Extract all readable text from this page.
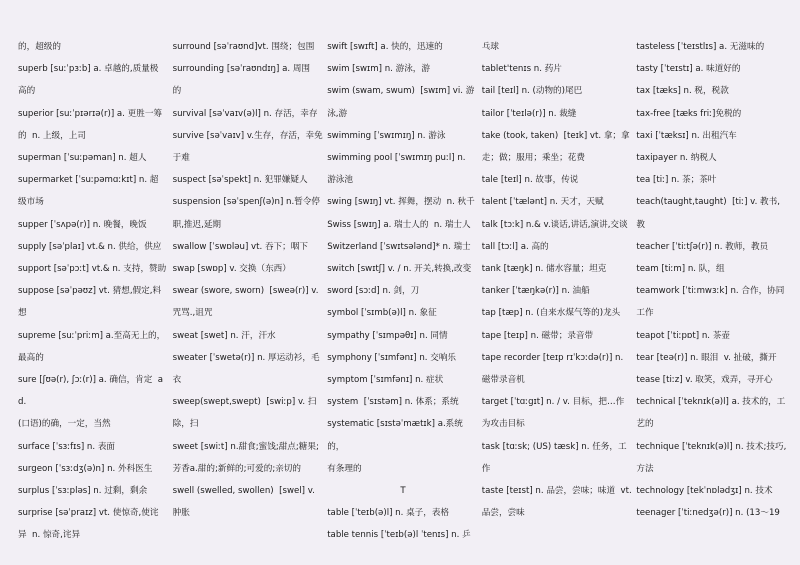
的，超级的

superb [suːˈpɜːb] a. 卓越的,质量极

高的

superior [suːˈpɪərɪə(r)] a. 更胜一筹

的  n. 上级，上司

superman [ˈsuːpəman] n. 超人

supermarket [ˈsuːpəmɑːkɪt] n. 超

级市场

supper [ˈsʌpə(r)] n. 晚餐，晚饭

supply [səˈplaɪ] vt.& n. 供给，供应

support [səˈpɔːt] vt.& n. 支持，赞助

suppose [səˈpəʊz] vt. 猜想,假定,料

想

supreme [suːˈpriːm] a.至高无上的，

最高的

sure [ʃʊə(r), ʃɔː(r)] a. 确信，肯定  ad.

(口语)的确，一定，当然

surface [ˈsɜːfɪs] n. 表面

surgeon [ˈsɜːdʒ(ə)n] n. 外科医生

surplus [ˈsɜːpləs] n. 过剩，剩余

surprise [səˈpraɪz] vt. 使惊奇,使诧

异  n. 惊奇,诧异

surround [səˈraʊnd]vt. 围绕；包围

surrounding [səˈraʊndɪŋ] a. 周围

的

survival [səˈvaɪv(ə)l] n. 存活，幸存

survive [səˈvaɪv] v.生存，存活，幸免

于难

suspect [səˈspekt] n. 犯罪嫌疑人

suspension [səˈspenʃ(ə)n] n.暂令停

职,推迟,延期

swallow [ˈswɒləu] vt. 吞下；咽下

swap [swɒp] v. 交换（东西）

swear (swore, sworn)  [sweə(r)] v.

咒骂.,诅咒

sweat [swet] n. 汗，汗水

sweater [ˈswetə(r)] n. 厚运动衫，毛

衣

sweep(swept,swept)  [swiːp] v. 扫

除，扫

sweet [swiːt] n.甜食;蜜饯;甜点;糖果;

芳香a.甜的;新鲜的;可爱的;亲切的

swell (swelled, swollen)  [swel] v.

肿胀

swift [swɪft] a. 快的，迅速的

swim [swɪm] n. 游泳，游

swim (swam, swum)  [swɪm] vi. 游

泳,游

swimming [ˈswɪmɪŋ] n. 游泳

swimming pool [ˈswɪmɪŋ puːl] n.

游泳池

swing [swɪŋ] vt. 挥舞，摆动  n. 秋千

Swiss [swɪŋ] a. 瑞士人的  n. 瑞士人

Switzerland [ˈswɪtsələnd]* n. 瑞士

switch [swɪtʃ] v. / n. 开关,转换,改变

sword [sɔːd] n. 剑，刀

symbol [ˈsɪmb(ə)l] n. 象征

sympathy [ˈsɪmpəθɪ] n. 同情

symphony [ˈsɪmfənɪ] n. 交响乐

symptom [ˈsɪmfənɪ] n. 症状

system  [ˈsɪstəm] n. 体系；系统

systematic [sɪstəˈmætɪk] a.系统的，

有条理的

T

table [ˈteɪb(ə)l] n. 桌子，表格

table tennis [ˈteɪb(ə)l ˈtenɪs] n. 乒

乓球

tablet'tenɪs n. 药片

tail [teɪl] n. (动物的)尾巴

tailor [ˈteɪlə(r)] n. 裁缝

take (took, taken)  [teɪk] vt. 拿；拿

走；做；服用；乘坐；花费

tale [teɪl] n. 故事，传说

talent [ˈtælənt] n. 天才，天赋

talk [tɔːk] n.& v.谈话,讲话,演讲,交谈

tall [tɔːl] a. 高的

tank [tæŋk] n. 储水容量；坦克

tanker [ˈtæŋkə(r)] n. 油船

tap [tæp] n. (自来水煤气等的)龙头

tape [teɪp] n. 磁带；录音带

tape recorder [teɪp rɪˈkɔːdə(r)] n.

磁带录音机

target [ˈtɑːgɪt] n. / v. 目标，把…作

为攻击目标

task [tɑːsk; (US) tæsk] n. 任务，工

作

taste [teɪst] n. 品尝，尝味；味道  vt.

品尝，尝味

tasteless [ˈteɪstlɪs] a. 无滋味的

tasty [ˈteɪstɪ] a. 味道好的

tax [tæks] n. 税，税款

tax-free [tæks friː]免税的

taxi [ˈtæksɪ] n. 出租汽车

taxipayer n. 纳税人

tea [tiː] n. 茶；茶叶

teach(taught,taught)  [tiː] v. 教书,

教

teacher [ˈtiːtʃə(r)] n. 教师，教员

team [tiːm] n. 队，组

teamwork [ˈtiːmwɜːk] n. 合作，协同

工作

teapot [ˈtiːpɒt] n. 茶壶

tear [teə(r)] n. 眼泪  v. 扯破，撕开

tease [tiːz] v. 取笑，戏弄，寻开心

technical [ˈteknɪk(ə)l] a. 技术的，工

艺的

technique [ˈteknɪk(ə)l] n. 技术;技巧,

方法

technology [tekˈnɒlədʒɪ] n. 技术

teenager [ˈtiːnedʒə(r)] n. (13～19
